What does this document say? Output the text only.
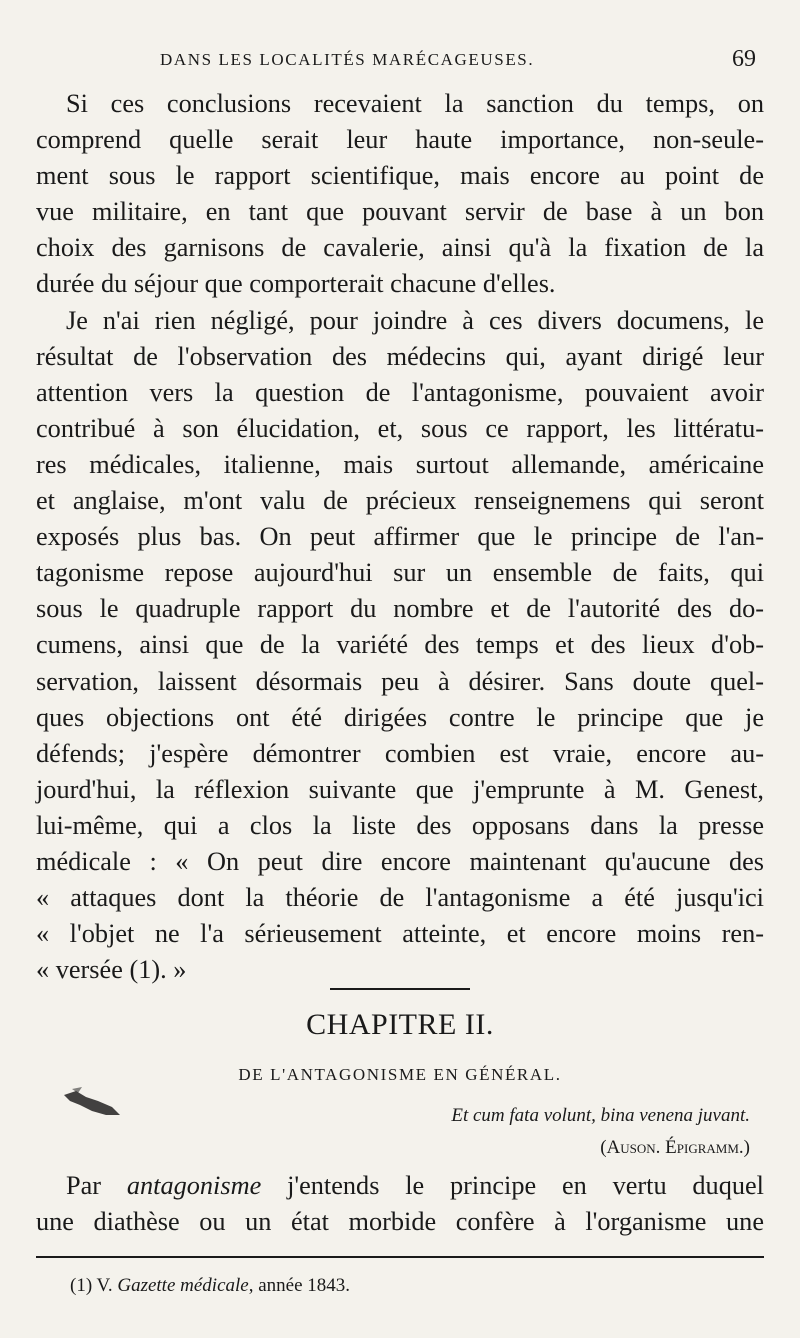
DANS LES LOCALITÉS MARÉCAGEUSES.	69
Si ces conclusions recevaient la sanction du temps, on
comprend quelle serait leur haute importance, non-seule-
ment sous le rapport scientifique, mais encore au point de
vue militaire, en tant que pouvant servir de base à un bon
choix des garnisons de cavalerie, ainsi qu'à la fixation de la
durée du séjour que comporterait chacune d'elles.
Je n'ai rien négligé, pour joindre à ces divers documens, le
résultat de l'observation des médecins qui, ayant dirigé leur
attention vers la question de l'antagonisme, pouvaient avoir
contribué à son élucidation, et, sous ce rapport, les littératu-
res médicales, italienne, mais surtout allemande, américaine
et anglaise, m'ont valu de précieux renseignemens qui seront
exposés plus bas. On peut affirmer que le principe de l'an-
tagonisme repose aujourd'hui sur un ensemble de faits, qui
sous le quadruple rapport du nombre et de l'autorité des do-
cumens, ainsi que de la variété des temps et des lieux d'ob-
servation, laissent désormais peu à désirer. Sans doute quel-
ques objections ont été dirigées contre le principe que je
défends; j'espère démontrer combien est vraie, encore au-
jourd'hui, la réflexion suivante que j'emprunte à M. Genest,
lui-même, qui a clos la liste des opposans dans la presse
médicale : « On peut dire encore maintenant qu'aucune des
« attaques dont la théorie de l'antagonisme a été jusqu'ici
« l'objet ne l'a sérieusement atteinte, et encore moins ren-
« versée (1). »
CHAPITRE II.
DE L'ANTAGONISME EN GÉNÉRAL.
Et cum fata volunt, bina venena juvant.
(Auson. Épigramm.)
Par antagonisme j'entends le principe en vertu duquel
une diathèse ou un état morbide confère à l'organisme une
(1) V. Gazette médicale, année 1843.
